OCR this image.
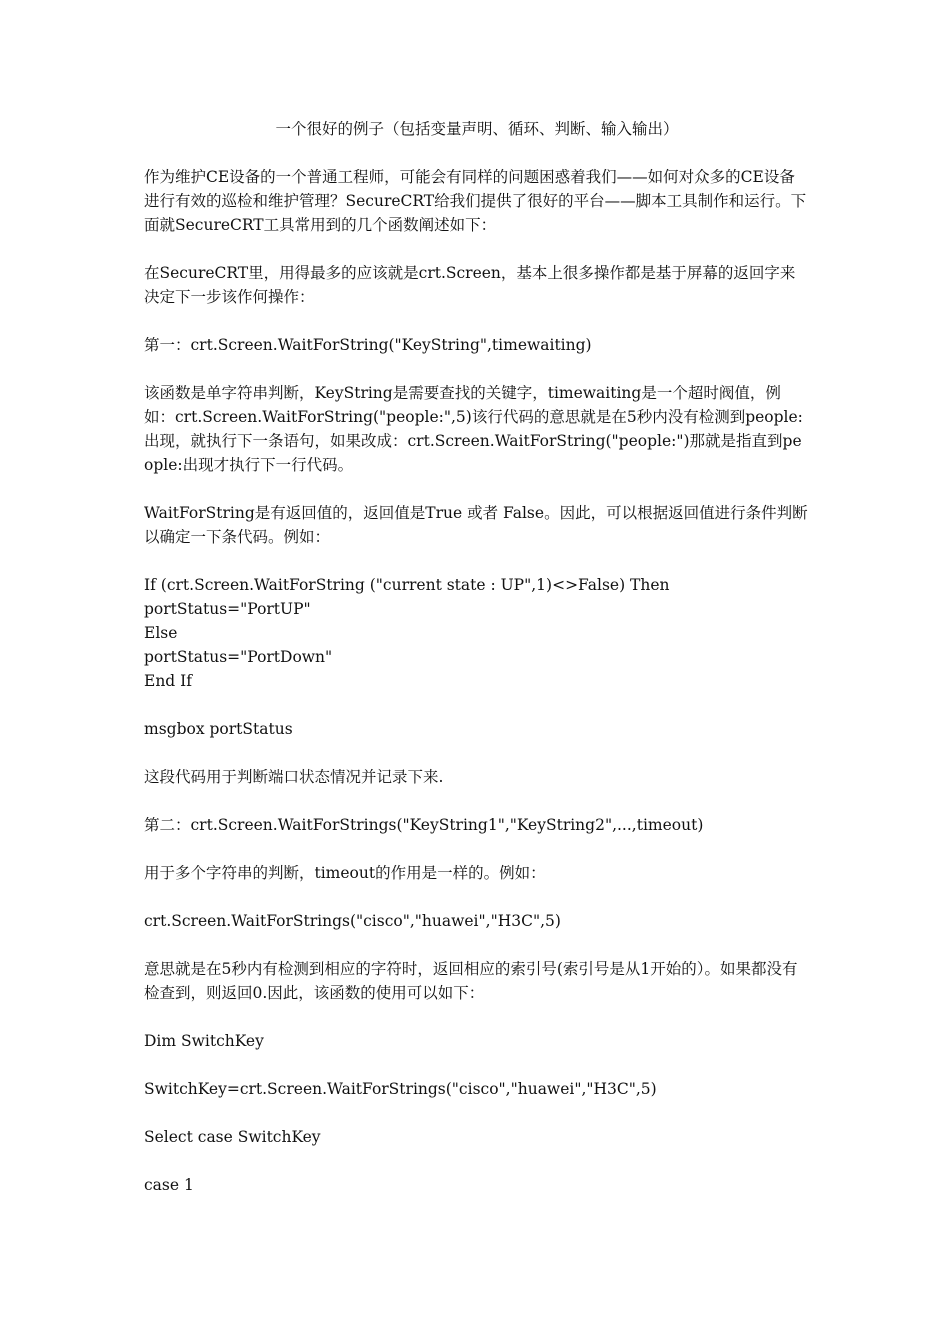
一个很好的例子（包括变量声明、循环、判断、输入输出）
作为维护CE设备的一个普通工程师，可能会有同样的问题困惑着我们——如何对众多的CE设备进行有效的巡检和维护管理？SecureCRT给我们提供了很好的平台——脚本工具制作和运行。下面就SecureCRT工具常用到的几个函数阐述如下：
在SecureCRT里，用得最多的应该就是crt.Screen，基本上很多操作都是基于屏幕的返回字来决定下一步该作何操作：
第一：crt.Screen.WaitForString("KeyString",timewaiting)
该函数是单字符串判断，KeyString是需要查找的关键字，timewaiting是一个超时阀值，例如：crt.Screen.WaitForString("people:",5)该行代码的意思就是在5秒内没有检测到people:出现，就执行下一条语句，如果改成：crt.Screen.WaitForString("people:")那就是指直到people:出现才执行下一行代码。
WaitForString是有返回值的，返回值是True 或者 False。因此，可以根据返回值进行条件判断以确定一下条代码。例如：
If (crt.Screen.WaitForString ("current state : UP",1)<>False) Then
portStatus="PortUP"
Else
portStatus="PortDown"
End If
msgbox portStatus
这段代码用于判断端口状态情况并记录下来.
第二：crt.Screen.WaitForStrings("KeyString1","KeyString2",...,timeout)
用于多个字符串的判断，timeout的作用是一样的。例如：
crt.Screen.WaitForStrings("cisco","huawei","H3C",5)
意思就是在5秒内有检测到相应的字符时，返回相应的索引号(索引号是从1开始的）。如果都没有检查到，则返回0.因此，该函数的使用可以如下：
Dim SwitchKey
SwitchKey=crt.Screen.WaitForStrings("cisco","huawei","H3C",5)
Select case SwitchKey
case 1
